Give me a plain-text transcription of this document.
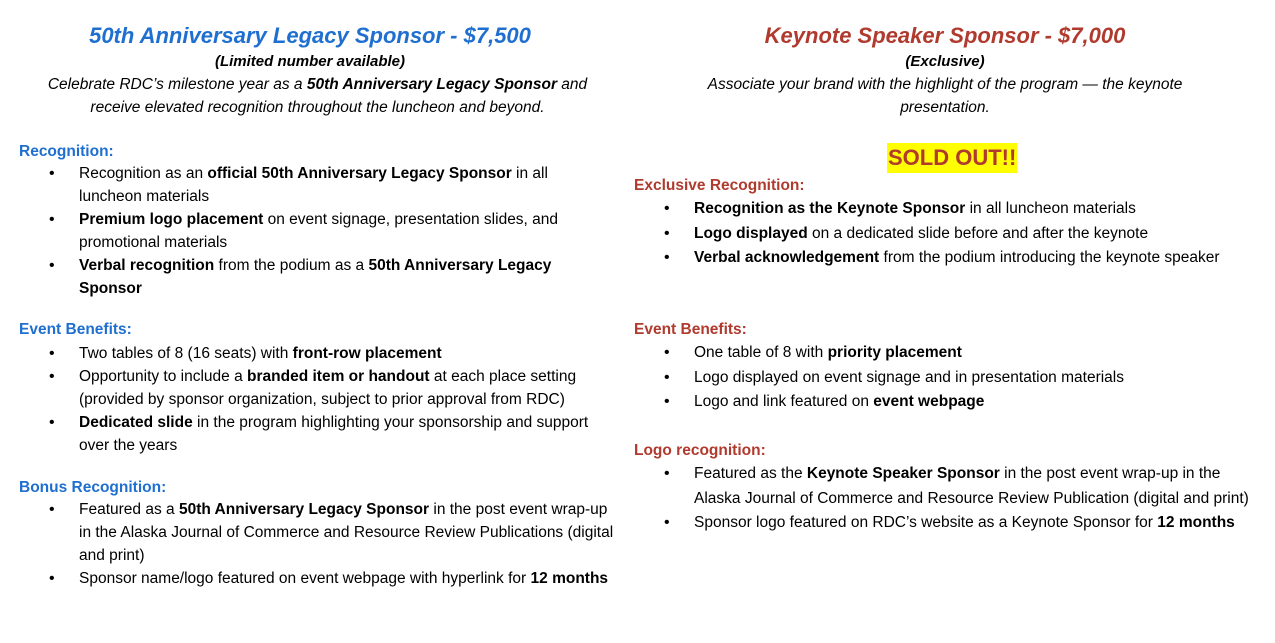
50th Anniversary Legacy Sponsor - $7,500

(Limited number available)

Celebrate RDC’s milestone year as a 50th Anniversary Legacy Sponsor and receive elevated recognition throughout the luncheon and beyond.

Recognition:

• Recognition as an official 50th Anniversary Legacy Sponsor in all luncheon materials
• Premium logo placement on event signage, presentation slides, and promotional materials
• Verbal recognition from the podium as a 50th Anniversary Legacy Sponsor

Event Benefits:

• Two tables of 8 (16 seats) with front-row placement
• Opportunity to include a branded item or handout at each place setting (provided by sponsor organization, subject to prior approval from RDC)
• Dedicated slide in the program highlighting your sponsorship and support over the years

Bonus Recognition:

• Featured as a 50th Anniversary Legacy Sponsor in the post event wrap-up in the Alaska Journal of Commerce and Resource Review Publications (digital and print)
• Sponsor name/logo featured on event webpage with hyperlink for 12 months
Keynote Speaker Sponsor - $7,000

(Exclusive)

Associate your brand with the highlight of the program — the keynote presentation.

SOLD OUT!!

Exclusive Recognition:

• Recognition as the Keynote Sponsor in all luncheon materials
• Logo displayed on a dedicated slide before and after the keynote
• Verbal acknowledgement from the podium introducing the keynote speaker

Event Benefits:

• One table of 8 with priority placement
• Logo displayed on event signage and in presentation materials
• Logo and link featured on event webpage

Logo recognition:

• Featured as the Keynote Speaker Sponsor in the post event wrap-up in the Alaska Journal of Commerce and Resource Review Publication (digital and print)
• Sponsor logo featured on RDC’s website as a Keynote Sponsor for 12 months
